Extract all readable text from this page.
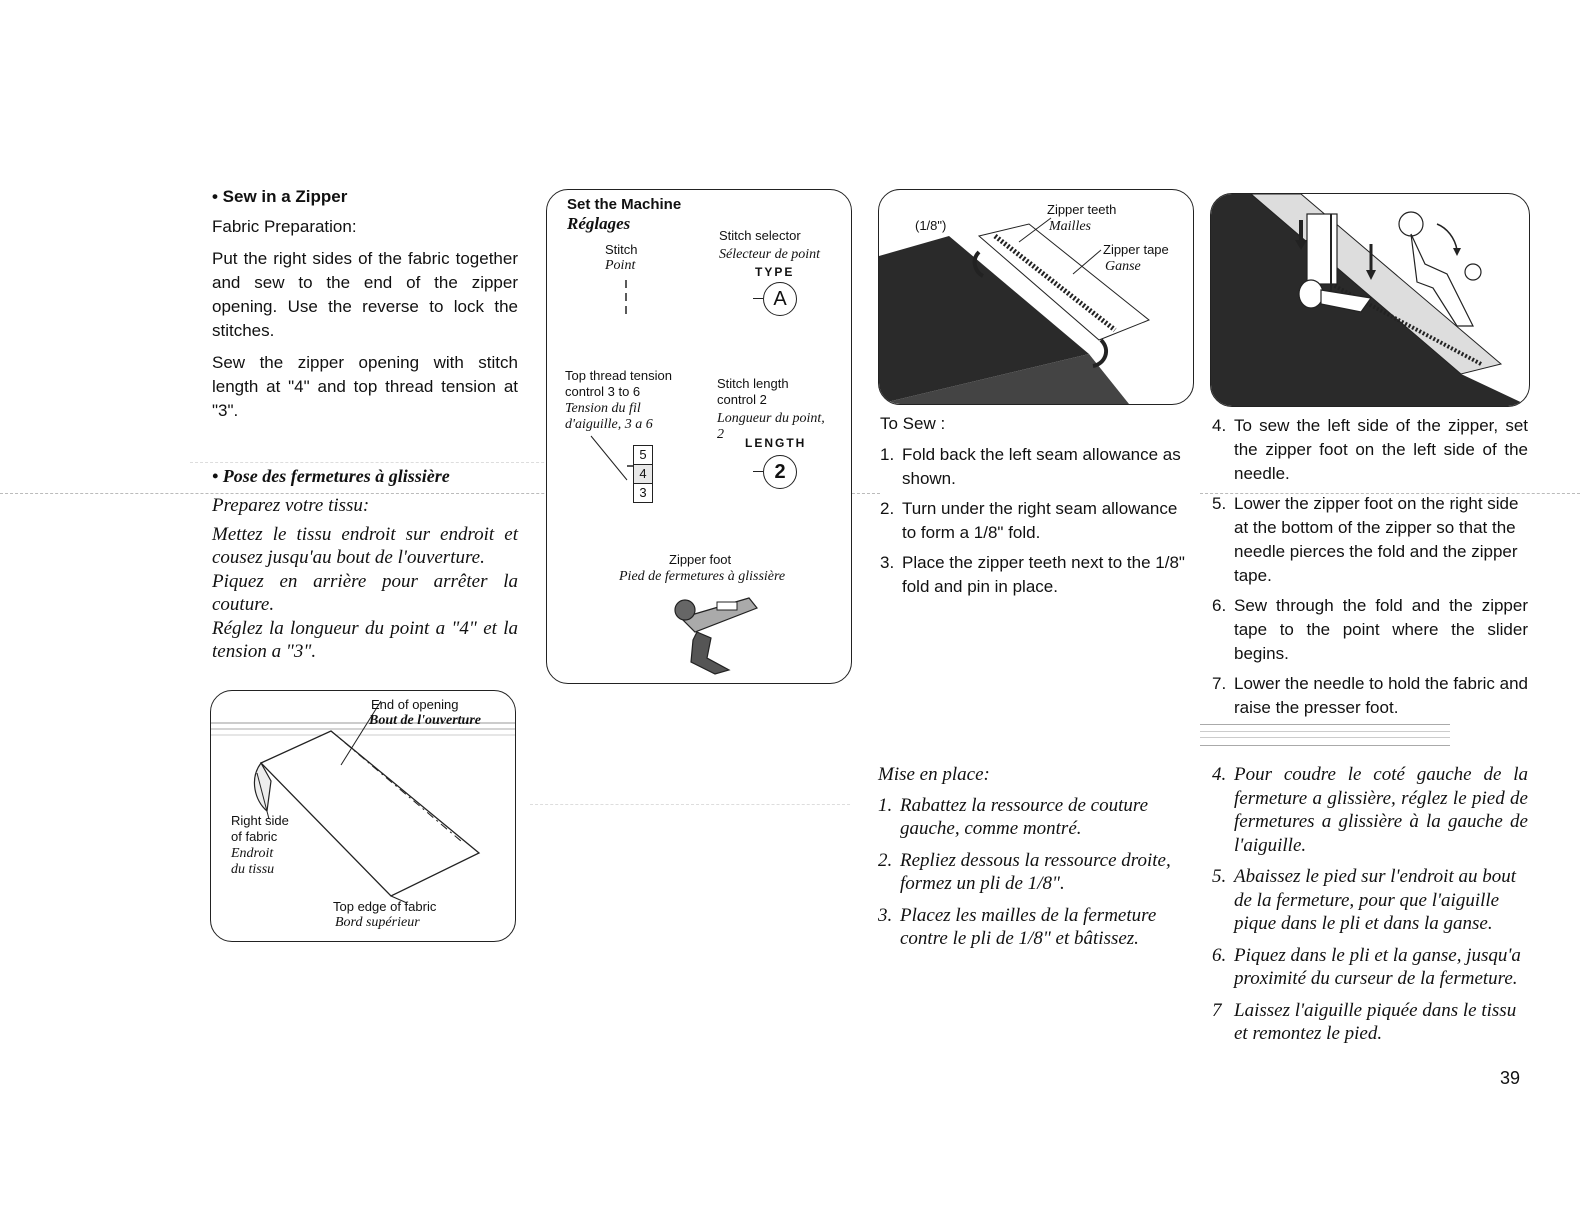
• Sew in a Zipper

Fabric Preparation:

Put the right sides of the fabric together and sew to the end of the zipper opening. Use the reverse to lock the stitches.

Sew the zipper opening with stitch length at "4" and top thread tension at "3".

• Pose des fermetures à glissière

Preparez votre tissu:

Mettez le tissu endroit sur endroit et cousez jusqu'au bout de l'ouverture.

Piquez en arrière pour arrêter la couture.

Réglez la longueur du point a "4" et la tension a "3".

End of opening
Bout de l'ouverture
Right side
of fabric
Endroit
du tissu
Top edge of fabric
Bord supérieur
Set the Machine
Réglages
Stitch
Point
Stitch selector
Sélecteur de point
TYPE
A
Top thread tension
control 3 to 6
Tension du fil
d'aiguille, 3 a 6
5
4
3
Stitch length
control 2
Longueur du point,
2
LENGTH
2
Zipper foot
Pied de fermetures à glissière
(1/8")
Zipper teeth
Mailles
Zipper tape
Ganse

To Sew :

1. Fold back the left seam allowance as shown.
2. Turn under the right seam allowance to form a 1/8" fold.
3. Place the zipper teeth next to the 1/8" fold and pin in place.

Mise en place:

1. Rabattez la ressource de couture gauche, comme montré.
2. Repliez dessous la ressource droite, formez un pli de 1/8".
3. Placez les mailles de la fermeture contre le pli de 1/8" et bâtissez.
4. To sew the left side of the zipper, set the zipper foot on the left side of the needle.
5. Lower the zipper foot on the right side at the bottom of the zipper so that the needle pierces the fold and the zipper tape.
6. Sew through the fold and the zipper tape to the point where the slider begins.
7. Lower the needle to hold the fabric and raise the presser foot.
4. Pour coudre le coté gauche de la fermeture a glissière, réglez le pied de fermetures a glissière à la gauche de l'aiguille.
5. Abaissez le pied sur l'endroit au bout de la fermeture, pour que l'aiguille pique dans le pli et dans la ganse.
6. Piquez dans le pli et la ganse, jusqu'a proximité du curseur de la fermeture.
7 Laissez l'aiguille piquée dans le tissu et remontez le pied.
39
